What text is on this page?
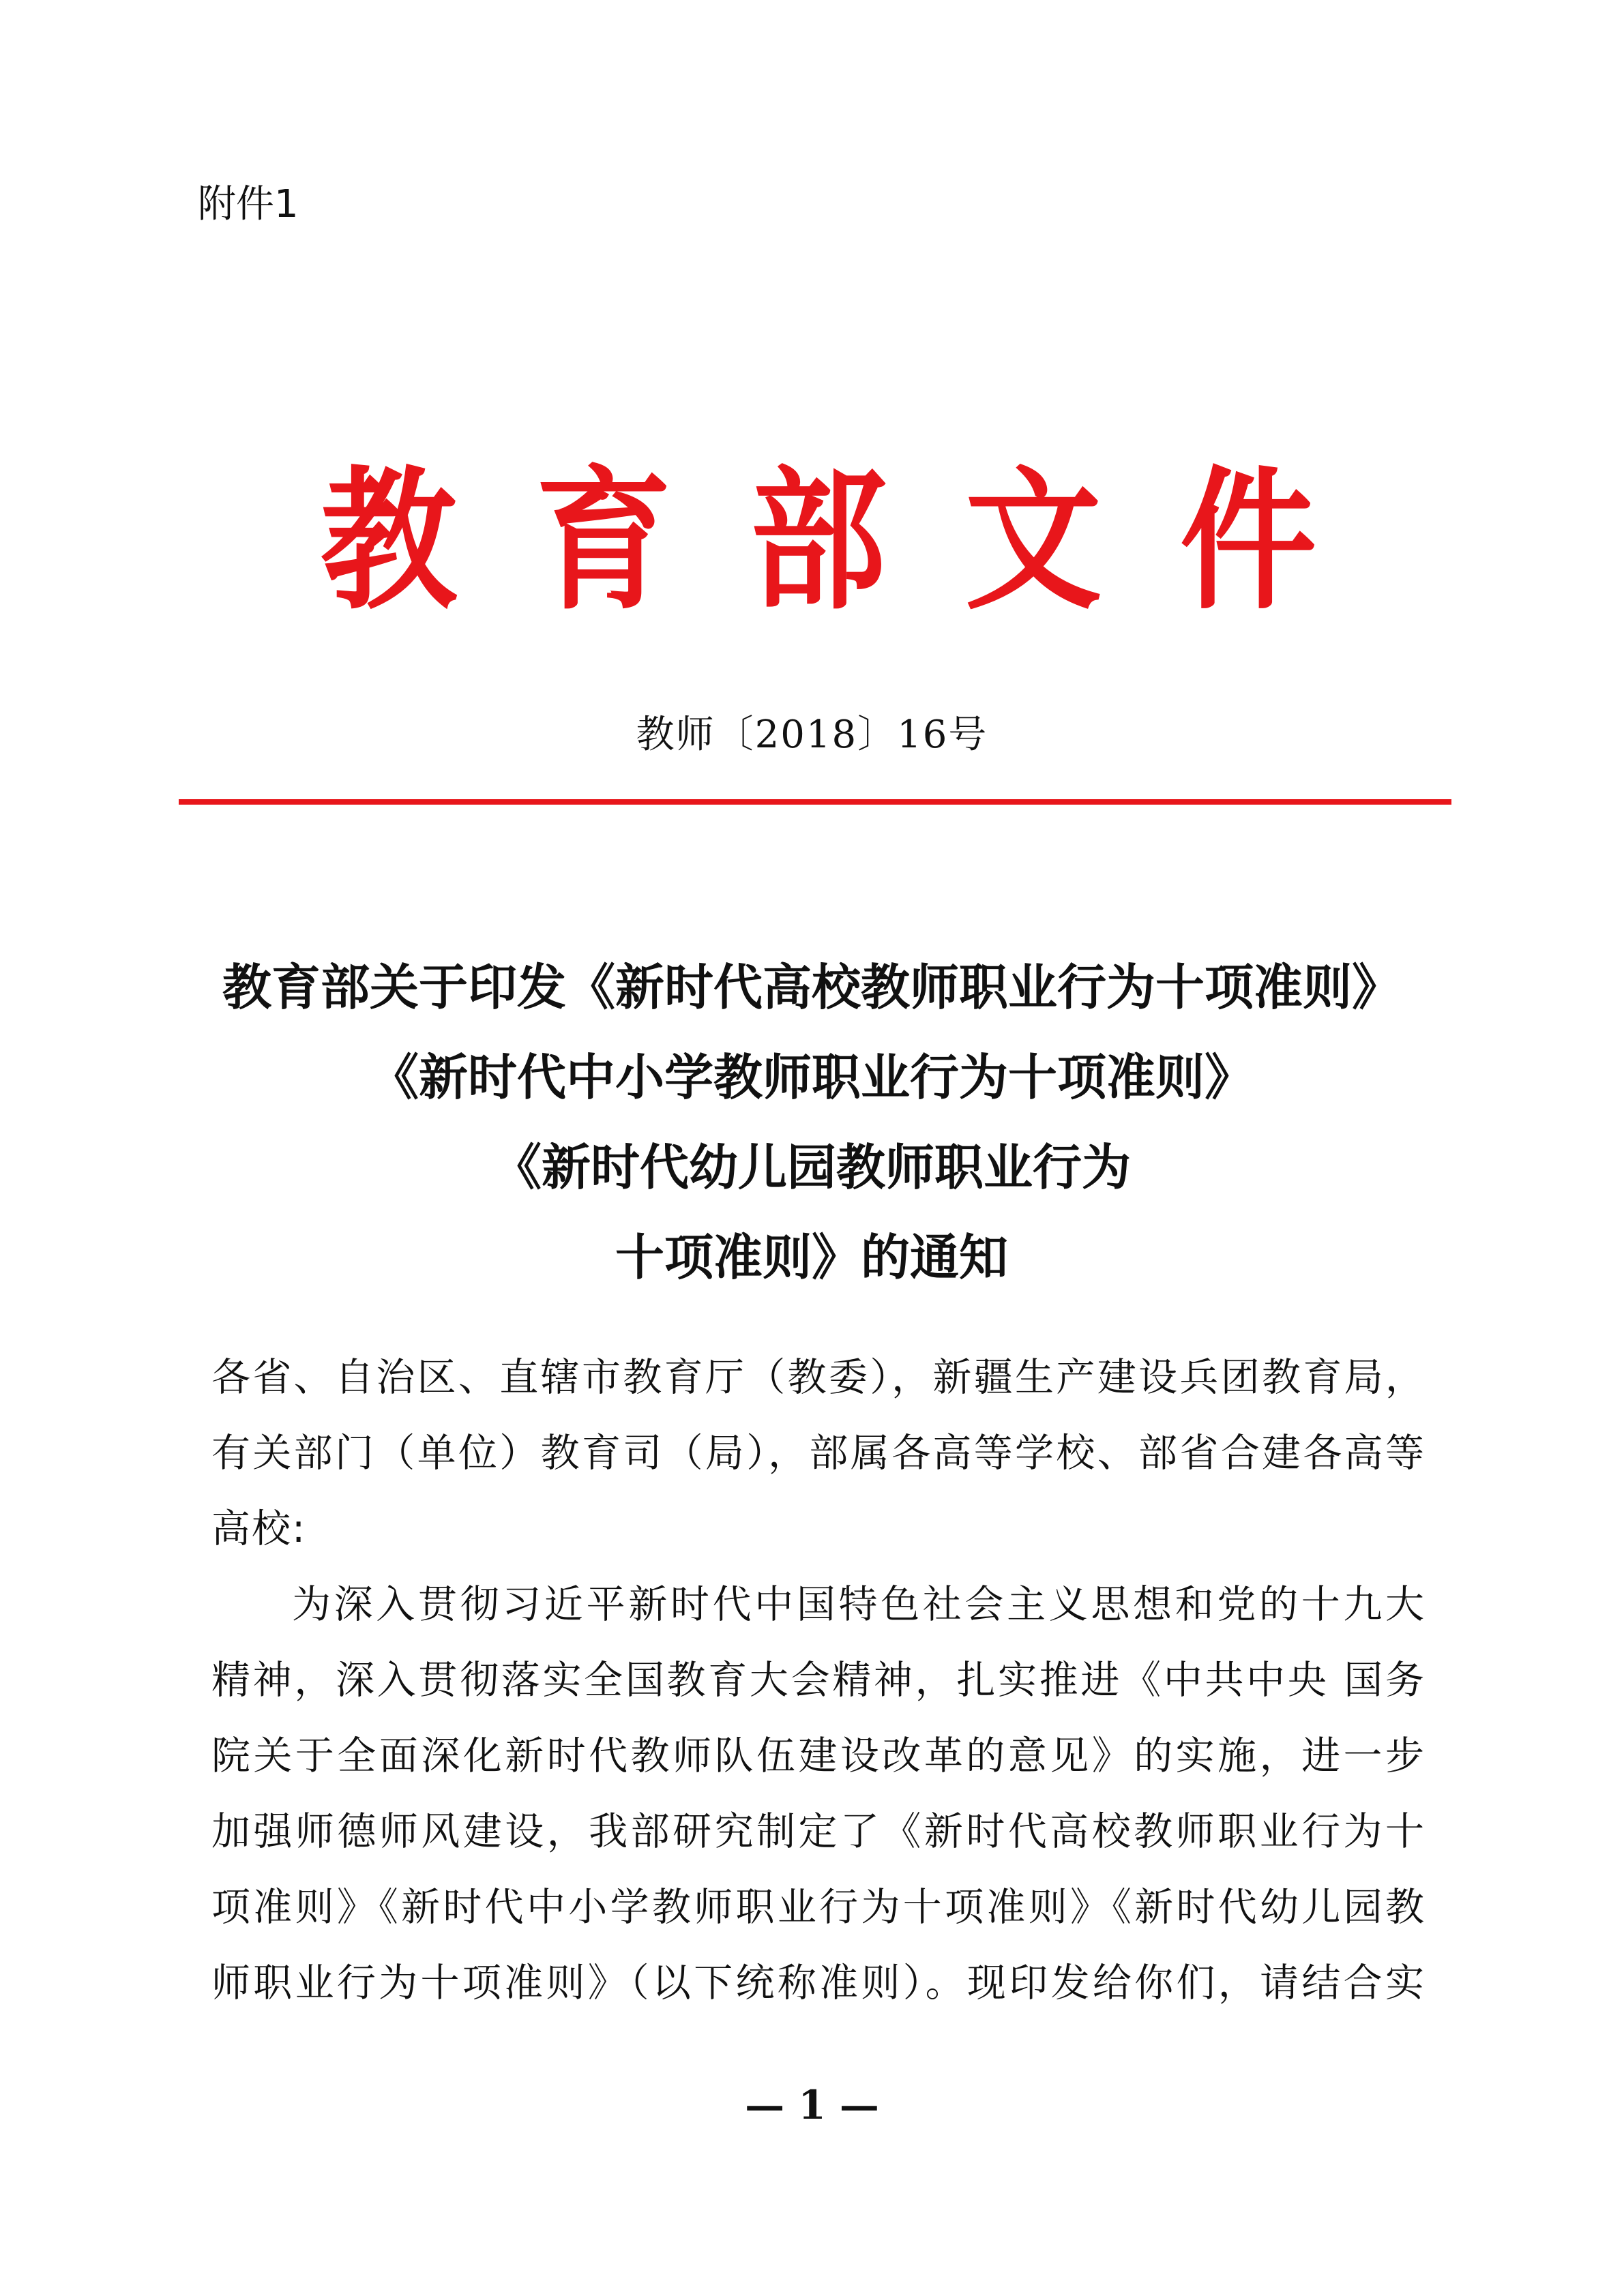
附件1
教 育 部 文 件
教师〔2018〕16号
教育部关于印发《新时代高校教师职业行为十项准则》
《新时代中小学教师职业行为十项准则》
《新时代幼儿园教师职业行为
十项准则》的通知
各省、自治区、直辖市教育厅（教委），新疆生产建设兵团教育局，
有关部门（单位）教育司（局），部属各高等学校、部省合建各高等
高校:
为深入贯彻习近平新时代中国特色社会主义思想和党的十九大
精神，深入贯彻落实全国教育大会精神，扎实推进《中共中央 国务
院关于全面深化新时代教师队伍建设改革的意见》的实施，进一步
加强师德师风建设，我部研究制定了《新时代高校教师职业行为十
项准则》《新时代中小学教师职业行为十项准则》《新时代幼儿园教
师职业行为十项准则》（以下统称准则）。现印发给你们，请结合实
— 1 —
